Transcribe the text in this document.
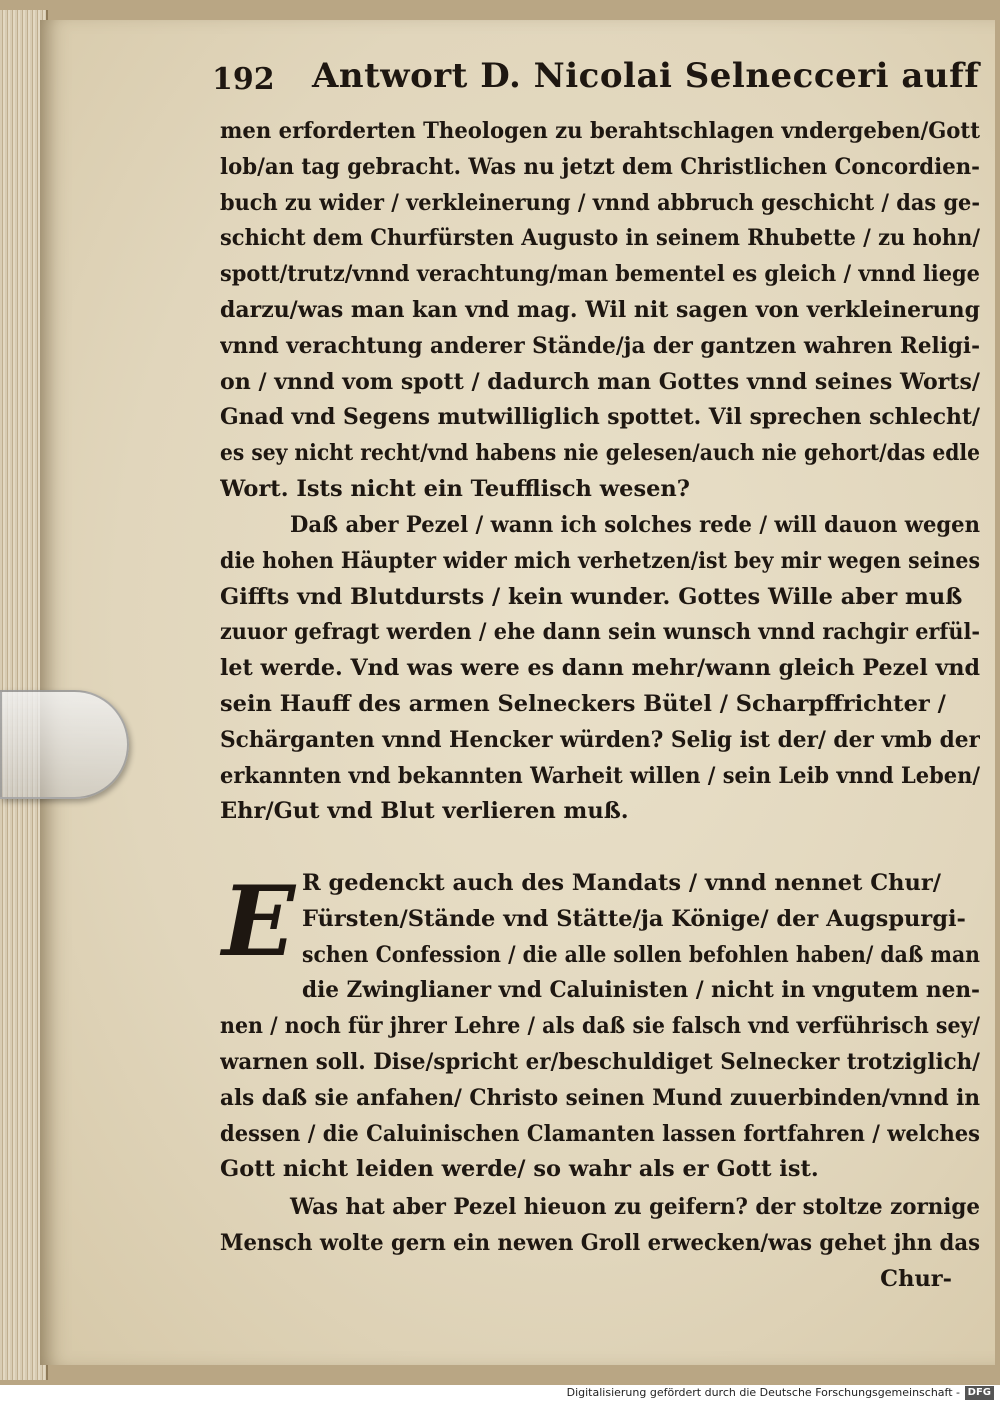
192 Antwort D. Nicolai Selnecceri auff
men erforderten Theologen zu berahtschlagen vndergeben/Gott
lob/an tag gebracht. Was nu jetzt dem Christlichen Concordien-
buch zu wider / verkleinerung / vnnd abbruch geschicht / das ge-
schicht dem Churfürsten Augusto in seinem Rhubette / zu hohn/
spott/trutz/vnnd verachtung/man bementel es gleich / vnnd liege
darzu/was man kan vnd mag. Wil nit sagen von verkleinerung
vnnd verachtung anderer Stände/ja der gantzen wahren Religi-
on / vnnd vom spott / dadurch man Gottes vnnd seines Worts/
Gnad vnd Segens mutwilliglich spottet. Vil sprechen schlecht/
es sey nicht recht/vnd habens nie gelesen/auch nie gehort/das edle
Wort. Ists nicht ein Teufflisch wesen?
Daß aber Pezel / wann ich solches rede / will dauon wegen
die hohen Häupter wider mich verhetzen/ist bey mir wegen seines
Giffts vnd Blutdursts / kein wunder. Gottes Wille aber muß
zuuor gefragt werden / ehe dann sein wunsch vnnd rachgir erfül-
let werde. Vnd was were es dann mehr/wann gleich Pezel vnd
sein Hauff des armen Selneckers Bütel / Scharpffrichter /
Schärganten vnnd Hencker würden? Selig ist der/ der vmb der
erkannten vnd bekannten Warheit willen / sein Leib vnnd Leben/
Ehr/Gut vnd Blut verlieren muß.
E R gedenckt auch des Mandats / vnnd nennet Chur/
Fürsten/Stände vnd Stätte/ja Könige/ der Augspurgi-
schen Confession / die alle sollen befohlen haben/ daß man
die Zwinglianer vnd Caluinisten / nicht in vngutem nen-
nen / noch für jhrer Lehre / als daß sie falsch vnd verführisch sey/
warnen soll. Dise/spricht er/beschuldiget Selnecker trotziglich/
als daß sie anfahen/ Christo seinen Mund zuuerbinden/vnnd in
dessen / die Caluinischen Clamanten lassen fortfahren / welches
Gott nicht leiden werde/ so wahr als er Gott ist.
Was hat aber Pezel hieuon zu geifern? der stoltze zornige
Mensch wolte gern ein newen Groll erwecken/was gehet jhn das
Chur-
Digitalisierung gefördert durch die Deutsche Forschungsgemeinschaft - DFG
